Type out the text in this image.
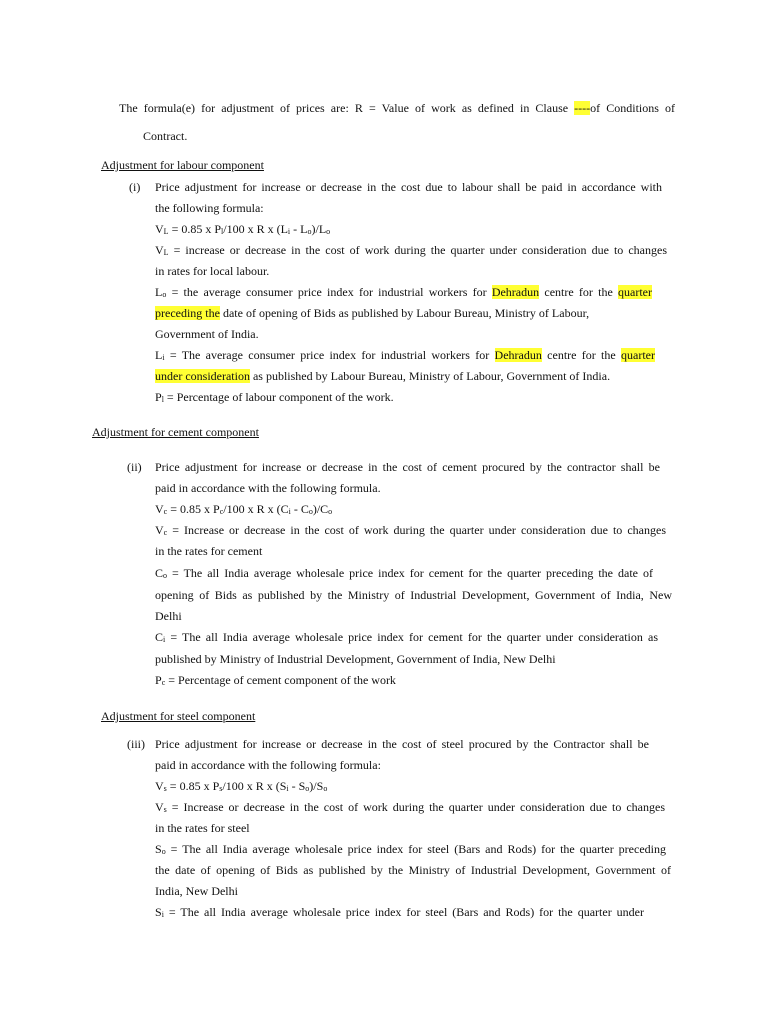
The formula(e) for adjustment of prices are: R = Value of work as defined in Clause ----of Conditions of
Contract.
Adjustment for labour component
(i) Price adjustment for increase or decrease in the cost due to labour shall be paid in accordance with
the following formula:
$V_L = 0.85$ x $P_l/100$ x R x $(L_i - L_o)/L_o$
$V_L$ = increase or decrease in the cost of work during the quarter under consideration due to changes
in rates for local labour.
$L_o$ = the average consumer price index for industrial workers for Dehradun centre for the quarter
preceding the date of opening of Bids as published by Labour Bureau, Ministry of Labour,
Government of India.
$L_i$ = The average consumer price index for industrial workers for Dehradun centre for the quarter
under consideration as published by Labour Bureau, Ministry of Labour, Government of India.
$P_l$ = Percentage of labour component of the work.
Adjustment for cement component
(ii) Price adjustment for increase or decrease in the cost of cement procured by the contractor shall be
paid in accordance with the following formula.
$V_c = 0.85$ x $P_c/100$ x R x $(C_i - C_o)/C_o$
$V_c$ = Increase or decrease in the cost of work during the quarter under consideration due to changes
in the rates for cement
$C_o$ = The all India average wholesale price index for cement for the quarter preceding the date of
opening of Bids as published by the Ministry of Industrial Development, Government of India, New
Delhi
$C_i$ = The all India average wholesale price index for cement for the quarter under consideration as
published by Ministry of Industrial Development, Government of India, New Delhi
$P_c$ = Percentage of cement component of the work
Adjustment for steel component
(iii) Price adjustment for increase or decrease in the cost of steel procured by the Contractor shall be
paid in accordance with the following formula:
$V_s = 0.85$ x $P_s/100$ x R x $(S_i - S_o)/S_o$
$V_s$ = Increase or decrease in the cost of work during the quarter under consideration due to changes
in the rates for steel
$S_o$ = The all India average wholesale price index for steel (Bars and Rods) for the quarter preceding
the date of opening of Bids as published by the Ministry of Industrial Development, Government of
India, New Delhi
$S_i$ = The all India average wholesale price index for steel (Bars and Rods) for the quarter under
